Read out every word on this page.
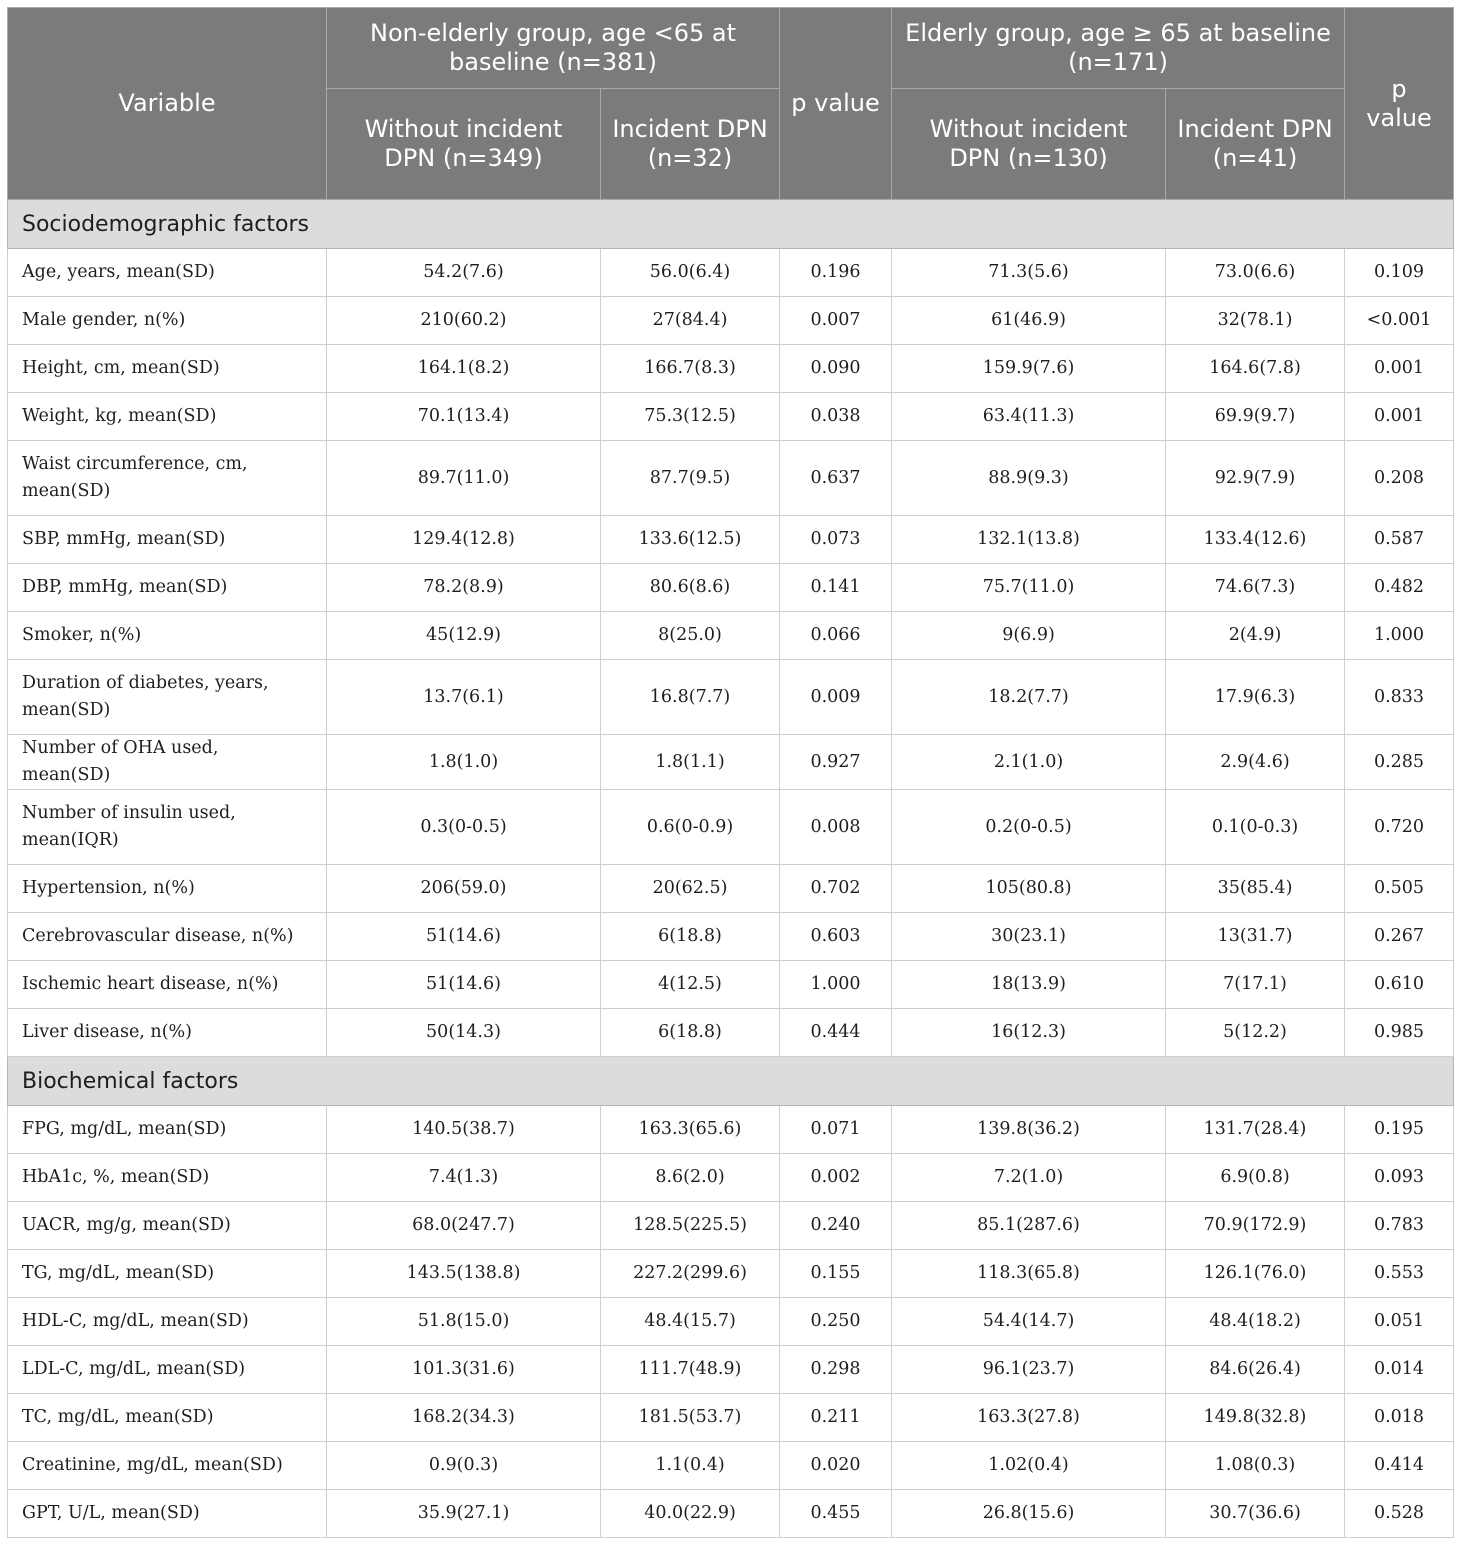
Variable	Non-elderly group, age <65 at baseline (n=381)		p value	Elderly group, age ≥ 65 at baseline (n=171)		p value
	Without incident DPN (n=349)	Incident DPN (n=32)		Without incident DPN (n=130)	Incident DPN (n=41)	
Sociodemographic factors						
Age, years, mean(SD)	54.2(7.6)	56.0(6.4)	0.196	71.3(5.6)	73.0(6.6)	0.109
Male gender, n(%)	210(60.2)	27(84.4)	0.007	61(46.9)	32(78.1)	<0.001
Height, cm, mean(SD)	164.1(8.2)	166.7(8.3)	0.090	159.9(7.6)	164.6(7.8)	0.001
Weight, kg, mean(SD)	70.1(13.4)	75.3(12.5)	0.038	63.4(11.3)	69.9(9.7)	0.001
Waist circumference, cm, mean(SD)	89.7(11.0)	87.7(9.5)	0.637	88.9(9.3)	92.9(7.9)	0.208
SBP, mmHg, mean(SD)	129.4(12.8)	133.6(12.5)	0.073	132.1(13.8)	133.4(12.6)	0.587
DBP, mmHg, mean(SD)	78.2(8.9)	80.6(8.6)	0.141	75.7(11.0)	74.6(7.3)	0.482
Smoker, n(%)	45(12.9)	8(25.0)	0.066	9(6.9)	2(4.9)	1.000
Duration of diabetes, years, mean(SD)	13.7(6.1)	16.8(7.7)	0.009	18.2(7.7)	17.9(6.3)	0.833
Number of OHA used, mean(SD)	1.8(1.0)	1.8(1.1)	0.927	2.1(1.0)	2.9(4.6)	0.285
Number of insulin used, mean(IQR)	0.3(0-0.5)	0.6(0-0.9)	0.008	0.2(0-0.5)	0.1(0-0.3)	0.720
Hypertension, n(%)	206(59.0)	20(62.5)	0.702	105(80.8)	35(85.4)	0.505
Cerebrovascular disease, n(%)	51(14.6)	6(18.8)	0.603	30(23.1)	13(31.7)	0.267
Ischemic heart disease, n(%)	51(14.6)	4(12.5)	1.000	18(13.9)	7(17.1)	0.610
Liver disease, n(%)	50(14.3)	6(18.8)	0.444	16(12.3)	5(12.2)	0.985
Biochemical factors						
FPG, mg/dL, mean(SD)	140.5(38.7)	163.3(65.6)	0.071	139.8(36.2)	131.7(28.4)	0.195
HbA1c, %, mean(SD)	7.4(1.3)	8.6(2.0)	0.002	7.2(1.0)	6.9(0.8)	0.093
UACR, mg/g, mean(SD)	68.0(247.7)	128.5(225.5)	0.240	85.1(287.6)	70.9(172.9)	0.783
TG, mg/dL, mean(SD)	143.5(138.8)	227.2(299.6)	0.155	118.3(65.8)	126.1(76.0)	0.553
HDL-C, mg/dL, mean(SD)	51.8(15.0)	48.4(15.7)	0.250	54.4(14.7)	48.4(18.2)	0.051
LDL-C, mg/dL, mean(SD)	101.3(31.6)	111.7(48.9)	0.298	96.1(23.7)	84.6(26.4)	0.014
TC, mg/dL, mean(SD)	168.2(34.3)	181.5(53.7)	0.211	163.3(27.8)	149.8(32.8)	0.018
Creatinine, mg/dL, mean(SD)	0.9(0.3)	1.1(0.4)	0.020	1.02(0.4)	1.08(0.3)	0.414
GPT, U/L, mean(SD)	35.9(27.1)	40.0(22.9)	0.455	26.8(15.6)	30.7(36.6)	0.528
